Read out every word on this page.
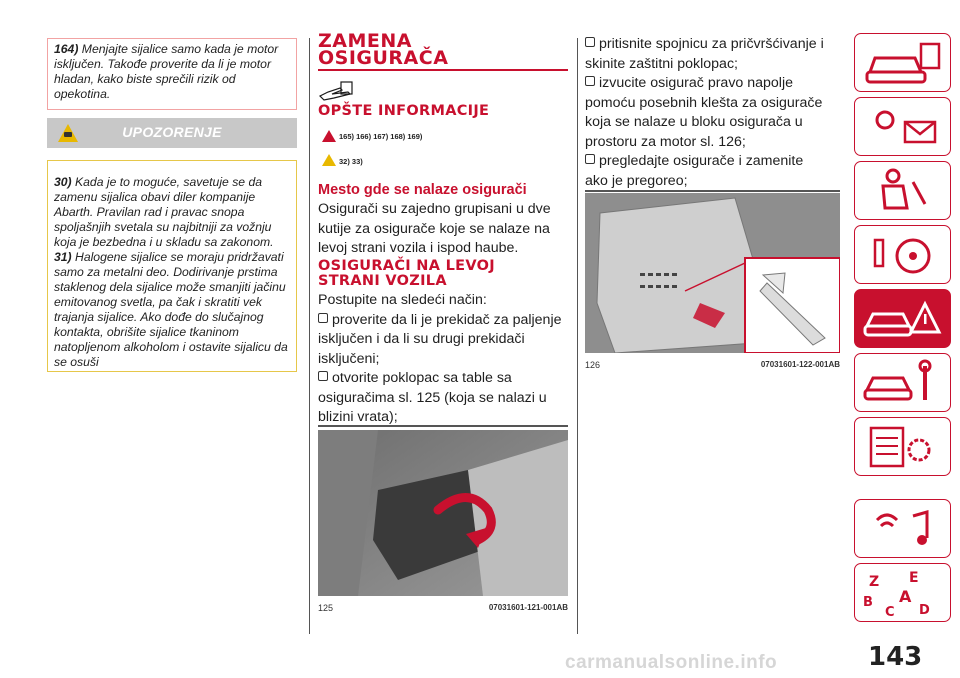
164) Menjajte sijalice samo kada je motor isključen. Takođe proverite da li je motor hladan, kako biste sprečili rizik od opekotina.
UPOZORENJE
30) Kada je to moguće, savetuje se da zamenu sijalica obavi diler kompanije Abarth. Pravilan rad i pravac snopa spoljašnjih svetala su najbitniji za vožnju koja je bezbedna i u skladu sa zakonom.
31) Halogene sijalice se moraju pridržavati samo za metalni deo. Dodirivanje prstima staklenog dela sijalice može smanjiti jačinu emitovanog svetla, pa čak i skratiti vek trajanja sijalice. Ako dođe do slučajnog kontakta, obrišite sijalice tkaninom natopljenom alkoholom i ostavite sijalicu da se osuši
ZAMENA
OSIGURAČA
OPŠTE INFORMACIJE
165) 166) 167) 168) 169)
32) 33)
Mesto gde se nalaze osigurači
Osigurači su zajedno grupisani u dve kutije za osigurače koje se nalaze na levoj strani vozila i ispod haube.
OSIGURAČI NA LEVOJ
STRANI VOZILA
Postupite na sledeći način:
proverite da li je prekidač za paljenje isključen i da li su drugi prekidači isključeni;
otvorite poklopac sa table sa osiguračima sl. 125 (koja se nalazi u blizini vrata);
125	07031601-121-001AB
pritisnite spojnicu za pričvršćivanje i skinite zaštitni poklopac;
izvucite osigurač pravo napolje pomoću posebnih klešta za osigurače koja se nalaze u bloku osigurača u prostoru za motor sl. 126;
pregledajte osigurače i zamenite ako je pregoreo;
126	07031601-122-001AB
Z E
B
C
A
D
143
carmanualsonline.info
